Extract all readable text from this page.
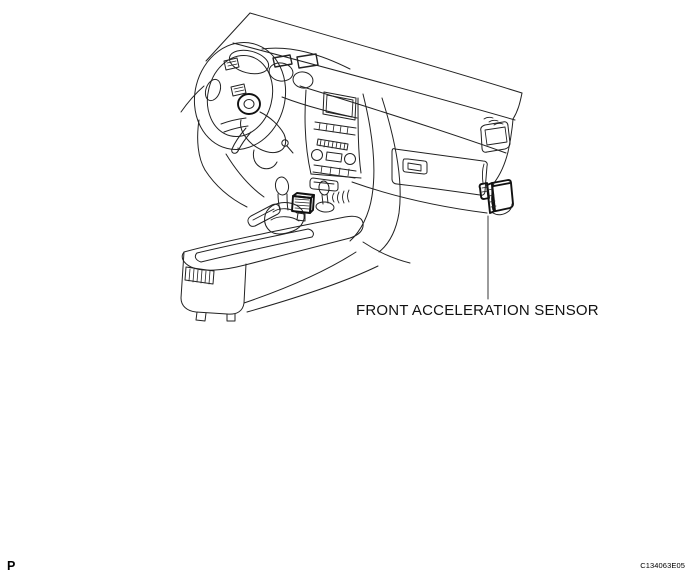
FRONT ACCELERATION SENSOR
P	C134063E05
